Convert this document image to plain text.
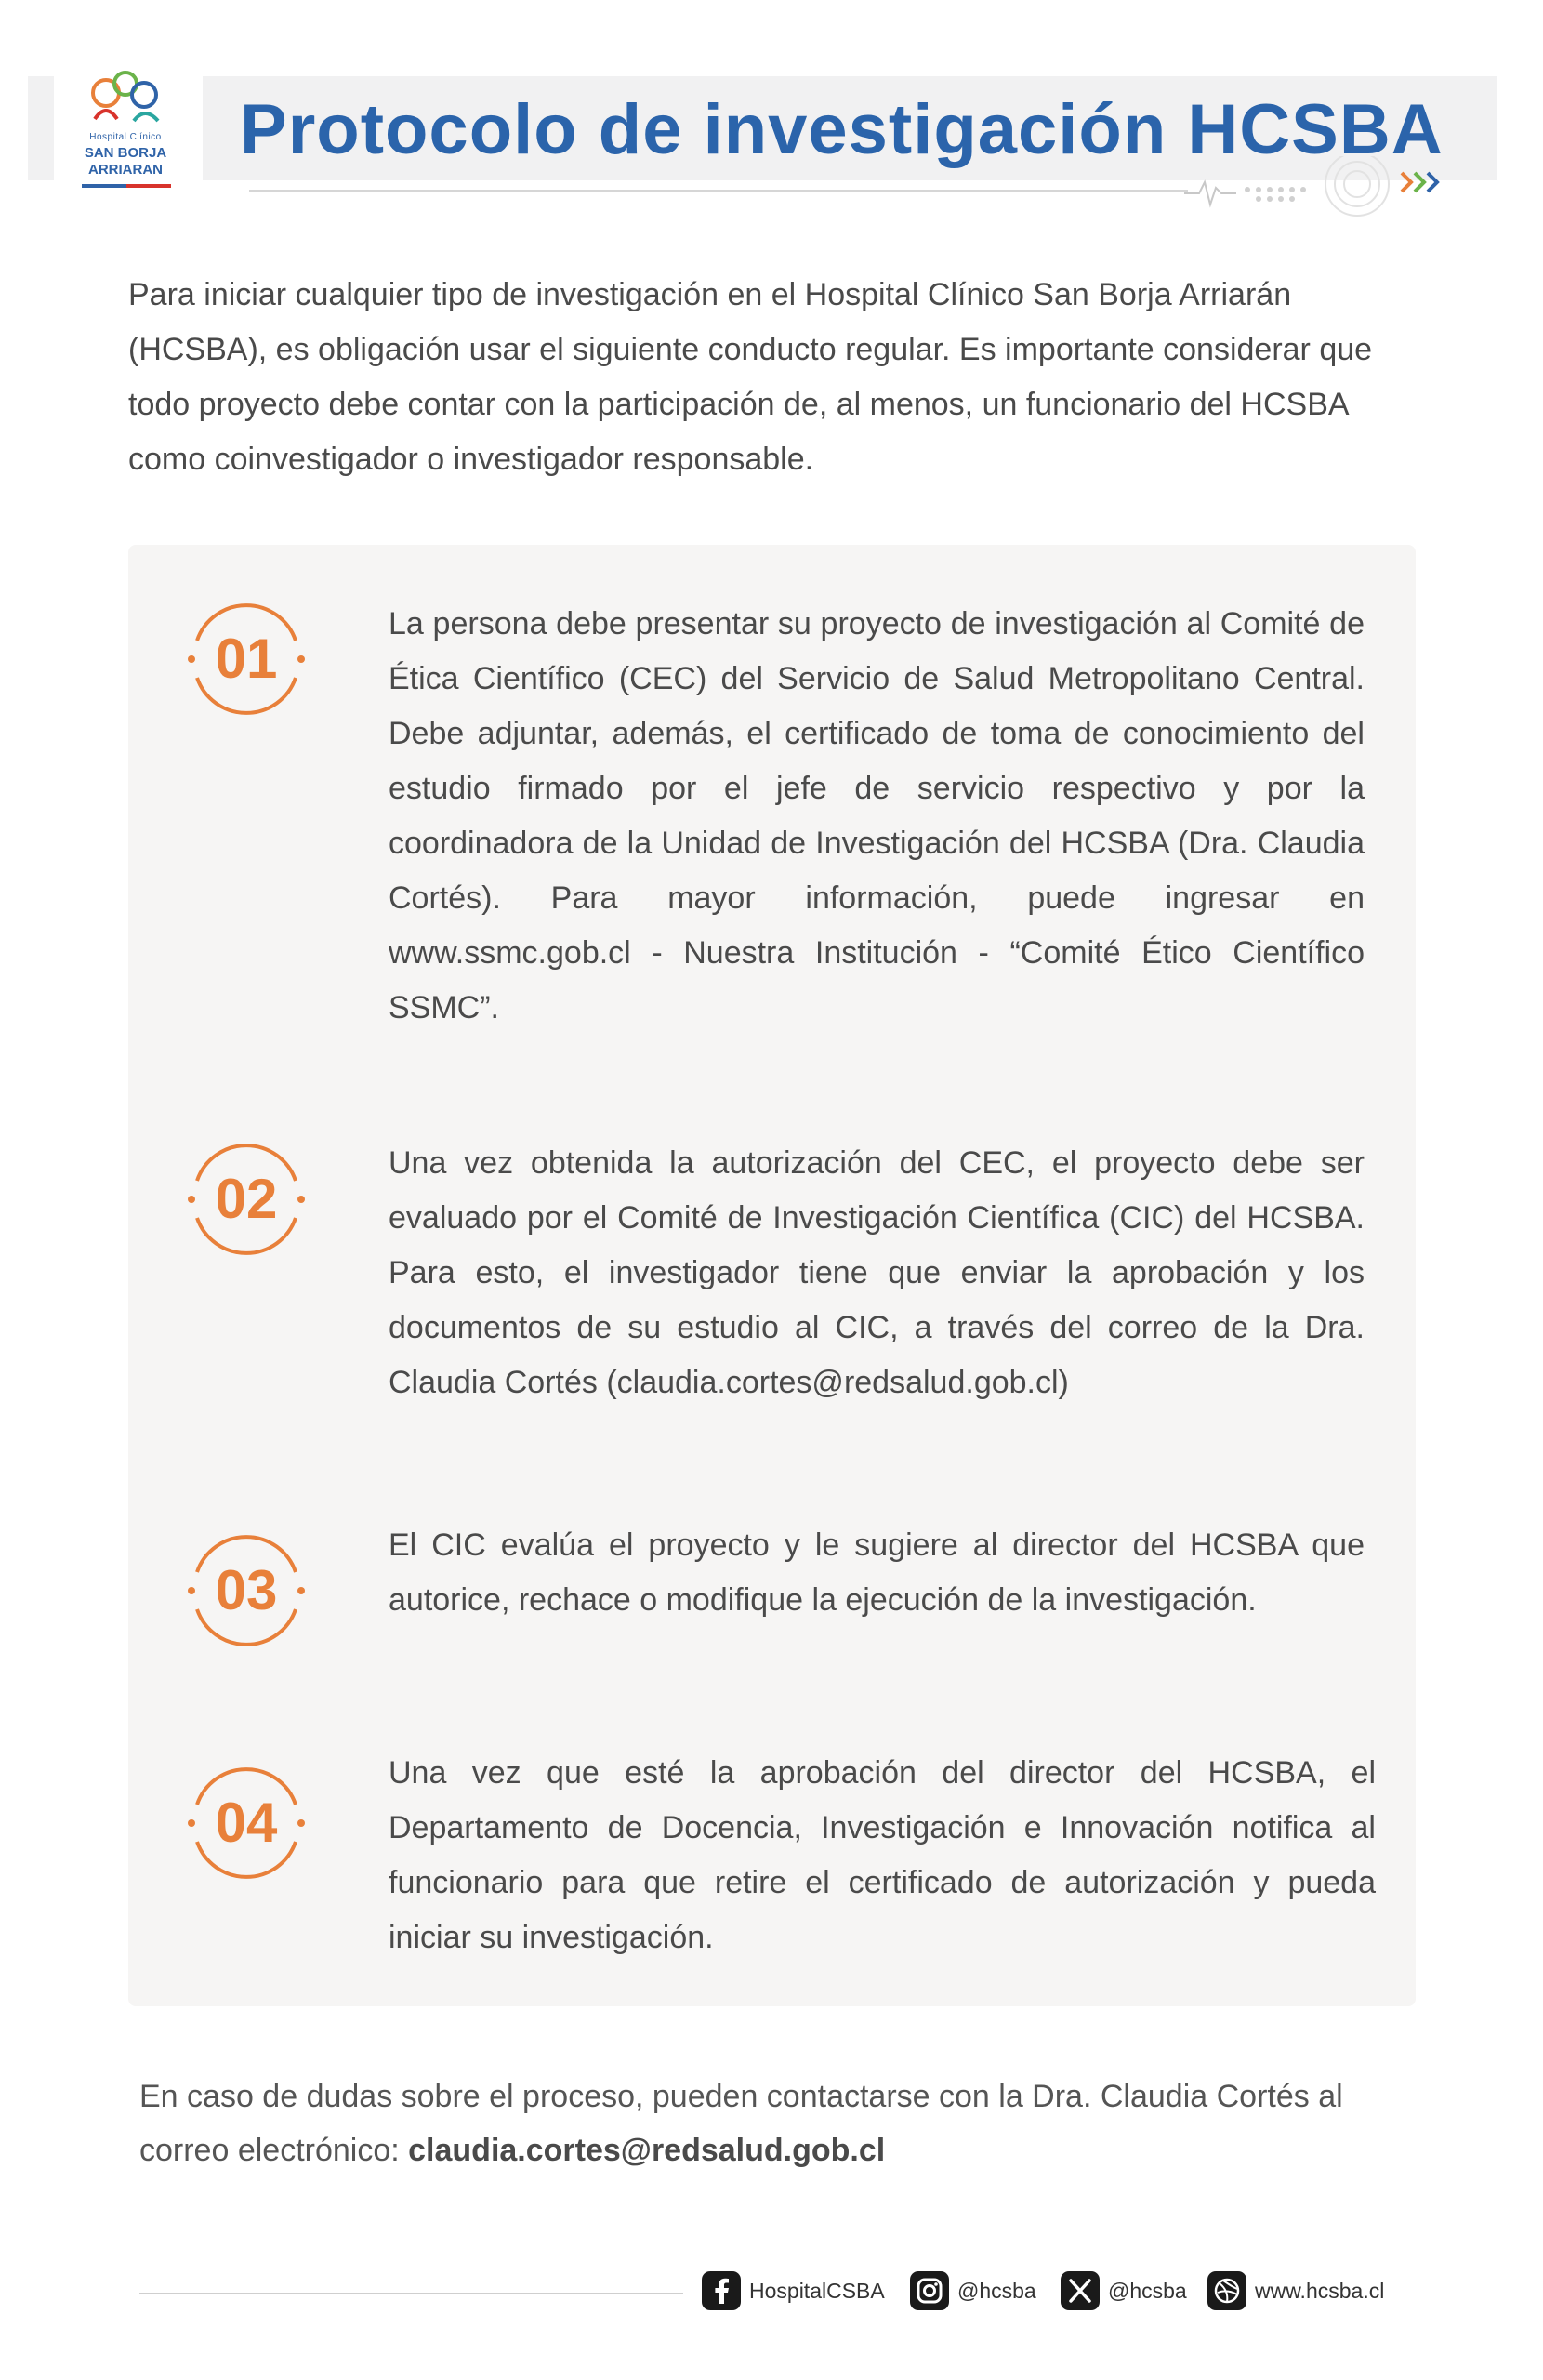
Hospital Clínico
SAN BORJA
ARRIARAN
Protocolo de investigación HCSBA

Para iniciar cualquier tipo de investigación en el Hospital Clínico San Borja Arriarán (HCSBA), es obligación usar el siguiente conducto regular. Es importante considerar que todo proyecto debe contar con la participación de, al menos, un funcionario del HCSBA como coinvestigador o investigador responsable.

01

La persona debe presentar su proyecto de investigación al Comité de Ética Científico (CEC) del Servicio de Salud Metropolitano Central. Debe adjuntar, además, el certificado de toma de conocimiento del estudio firmado por el jefe de servicio respectivo y por la coordinadora de la Unidad de Investigación del HCSBA (Dra. Claudia Cortés). Para mayor información, puede ingresar en www.ssmc.gob.cl - Nuestra Institución - “Comité Ético Científico SSMC”.

02

Una vez obtenida la autorización del CEC, el proyecto debe ser evaluado por el Comité de Investigación Científica (CIC) del HCSBA. Para esto, el investigador tiene que enviar la aprobación y los documentos de su estudio al CIC, a través del correo de la Dra. Claudia Cortés (claudia.cortes@redsalud.gob.cl)

03

El CIC evalúa el proyecto y le sugiere al director del HCSBA que autorice, rechace o modifique la ejecución de la investigación.

04

Una vez que esté la aprobación del director del HCSBA, el Departamento de Docencia, Investigación e Innovación notifica al funcionario para que retire el certificado de autorización y pueda iniciar su investigación.

En caso de dudas sobre el proceso, pueden contactarse con la Dra. Claudia Cortés al correo electrónico: claudia.cortes@redsalud.gob.cl

HospitalCSBA	@hcsba	@hcsba	www.hcsba.cl
